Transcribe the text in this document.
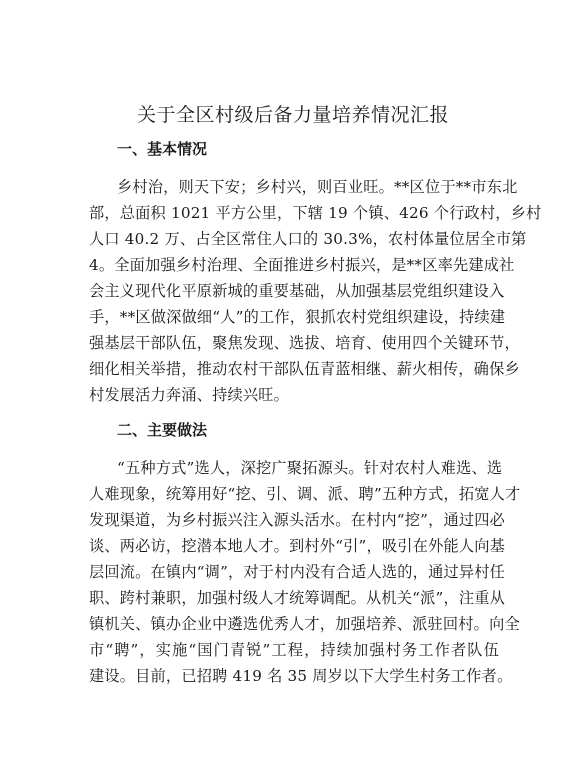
关于全区村级后备力量培养情况汇报
一、基本情况
乡村治，则天下安；乡村兴，则百业旺。**区位于**市东北
部，总面积 1021 平方公里，下辖 19 个镇、426 个行政村，乡村
人口 40.2 万、占全区常住人口的 30.3%，农村体量位居全市第
4。全面加强乡村治理、全面推进乡村振兴，是**区率先建成社
会主义现代化平原新城的重要基础，从加强基层党组织建设入
手，**区做深做细“人”的工作，狠抓农村党组织建设，持续建
强基层干部队伍，聚焦发现、选拔、培育、使用四个关键环节，
细化相关举措，推动农村干部队伍青蓝相继、薪火相传，确保乡
村发展活力奔涌、持续兴旺。
二、主要做法
“五种方式”选人，深挖广聚拓源头。针对农村人难选、选
人难现象，统筹用好“挖、引、调、派、聘”五种方式，拓宽人才
发现渠道，为乡村振兴注入源头活水。在村内“挖”，通过四必
谈、两必访，挖潜本地人才。到村外“引”，吸引在外能人向基
层回流。在镇内“调”，对于村内没有合适人选的，通过异村任
职、跨村兼职，加强村级人才统筹调配。从机关“派”，注重从
镇机关、镇办企业中遴选优秀人才，加强培养、派驻回村。向全
市“聘”，实施“国门青锐”工程，持续加强村务工作者队伍
建设。目前，已招聘 419 名 35 周岁以下大学生村务工作者。
